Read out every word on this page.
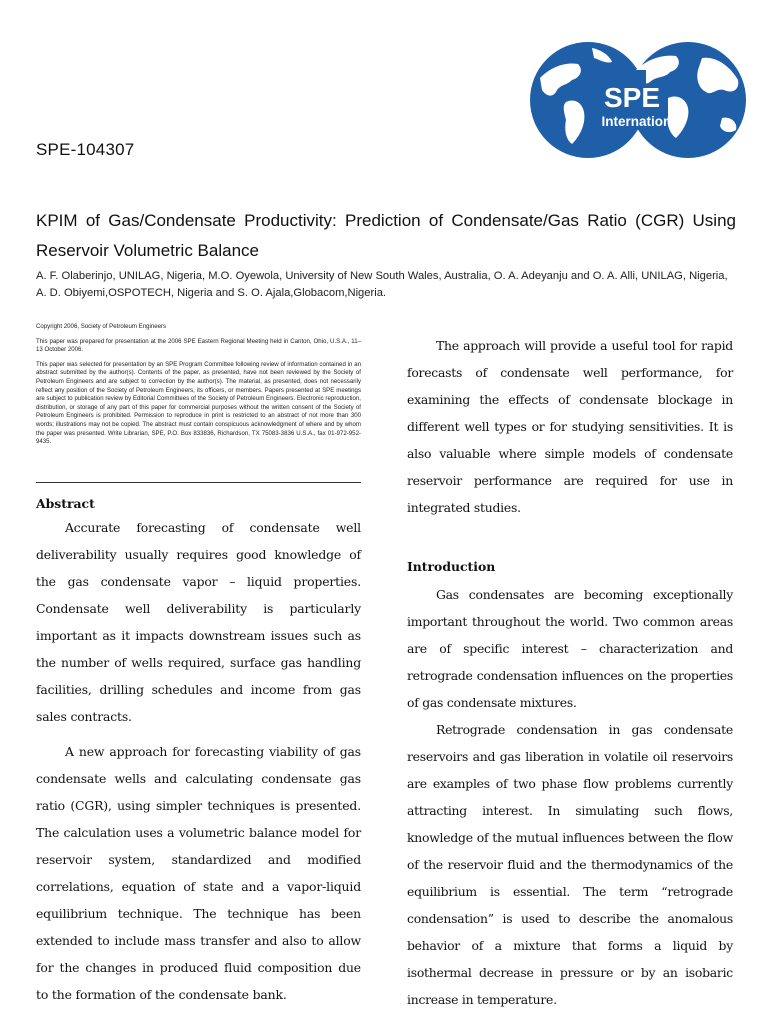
SPE
International
SPE-104307
KPIM of Gas/Condensate Productivity: Prediction of Condensate/Gas Ratio (CGR) Using Reservoir Volumetric Balance
A. F. Olaberinjo, UNILAG, Nigeria, M.O. Oyewola, University of New South Wales, Australia, O. A. Adeyanju and O. A. Alli, UNILAG, Nigeria, A. D. Obiyemi,OSPOTECH, Nigeria and S. O. Ajala,Globacom,Nigeria.

Copyright 2006, Society of Petroleum Engineers

This paper was prepared for presentation at the 2006 SPE Eastern Regional Meeting held in Canton, Ohio, U.S.A., 11–13 October 2006.

This paper was selected for presentation by an SPE Program Committee following review of information contained in an abstract submitted by the author(s). Contents of the paper, as presented, have not been reviewed by the Society of Petroleum Engineers and are subject to correction by the author(s). The material, as presented, does not necessarily reflect any position of the Society of Petroleum Engineers, its officers, or members. Papers presented at SPE meetings are subject to publication review by Editorial Committees of the Society of Petroleum Engineers. Electronic reproduction, distribution, or storage of any part of this paper for commercial purposes without the written consent of the Society of Petroleum Engineers is prohibited. Permission to reproduce in print is restricted to an abstract of not more than 300 words; illustrations may not be copied. The abstract must contain conspicuous acknowledgment of where and by whom the paper was presented. Write Librarian, SPE, P.O. Box 833836, Richardson, TX 75083-3836 U.S.A., fax 01-972-952-9435.

Abstract

Accurate forecasting of condensate well deliverability usually requires good knowledge of the gas condensate vapor – liquid properties. Condensate well deliverability is particularly important as it impacts downstream issues such as the number of wells required, surface gas handling facilities, drilling schedules and income from gas sales contracts.

A new approach for forecasting viability of gas condensate wells and calculating condensate gas ratio (CGR), using simpler techniques is presented. The calculation uses a volumetric balance model for reservoir system, standardized and modified correlations, equation of state and a vapor-liquid equilibrium technique. The technique has been extended to include mass transfer and also to allow for the changes in produced fluid composition due to the formation of the condensate bank.

The approach will provide a useful tool for rapid forecasts of condensate well performance, for examining the effects of condensate blockage in different well types or for studying sensitivities. It is also valuable where simple models of condensate reservoir performance are required for use in integrated studies.

Introduction

Gas condensates are becoming exceptionally important throughout the world. Two common areas are of specific interest – characterization and retrograde condensation influences on the properties of gas condensate mixtures.

Retrograde condensation in gas condensate reservoirs and gas liberation in volatile oil reservoirs are examples of two phase flow problems currently attracting interest. In simulating such flows, knowledge of the mutual influences between the flow of the reservoir fluid and the thermodynamics of the equilibrium is essential. The term “retrograde condensation” is used to describe the anomalous behavior of a mixture that forms a liquid by isothermal decrease in pressure or by an isobaric increase in temperature.
